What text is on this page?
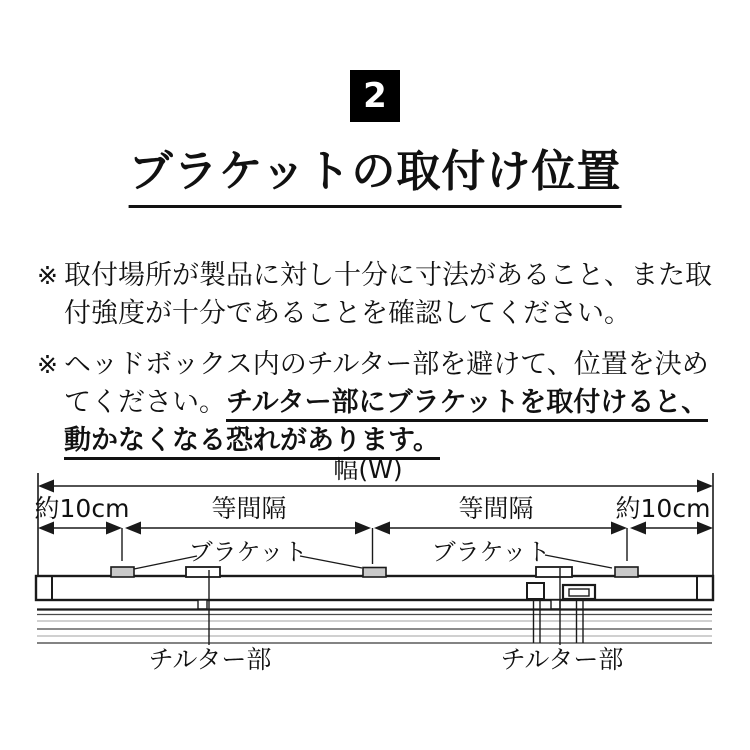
2
ブラケットの取付け位置
※ 取付場所が製品に対し十分に寸法があること、また取
付強度が十分であることを確認してください。
※ ヘッドボックス内のチルター部を避けて、位置を決め
てください。チルター部にブラケットを取付けると、
動かなくなる恐れがあります。
幅(W)
約10cm	等間隔	等間隔	約10cm
ブラケット	ブラケット
チルター部	チルター部
